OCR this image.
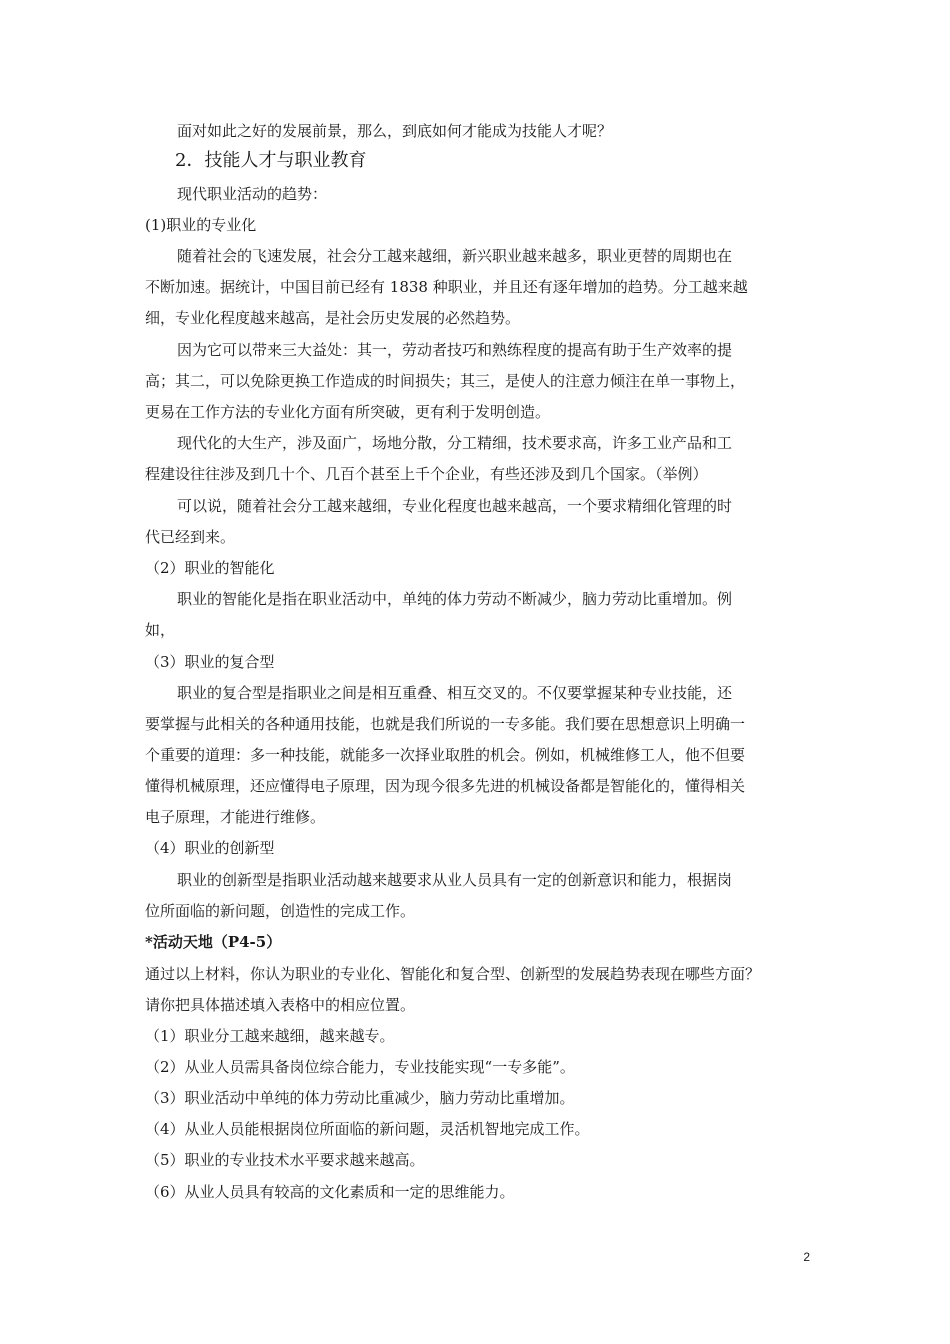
面对如此之好的发展前景，那么，到底如何才能成为技能人才呢？
2．技能人才与职业教育
现代职业活动的趋势：
(1)职业的专业化
随着社会的飞速发展，社会分工越来越细，新兴职业越来越多，职业更替的周期也在
不断加速。据统计，中国目前已经有 1838 种职业，并且还有逐年增加的趋势。分工越来越
细，专业化程度越来越高，是社会历史发展的必然趋势。
因为它可以带来三大益处：其一，劳动者技巧和熟练程度的提高有助于生产效率的提
高；其二，可以免除更换工作造成的时间损失；其三，是使人的注意力倾注在单一事物上，
更易在工作方法的专业化方面有所突破，更有利于发明创造。
现代化的大生产，涉及面广，场地分散，分工精细，技术要求高，许多工业产品和工
程建设往往涉及到几十个、几百个甚至上千个企业，有些还涉及到几个国家。（举例）
可以说，随着社会分工越来越细，专业化程度也越来越高，一个要求精细化管理的时
代已经到来。
（2）职业的智能化
职业的智能化是指在职业活动中，单纯的体力劳动不断减少，脑力劳动比重增加。例
如，
（3）职业的复合型
职业的复合型是指职业之间是相互重叠、相互交叉的。不仅要掌握某种专业技能，还
要掌握与此相关的各种通用技能，也就是我们所说的一专多能。我们要在思想意识上明确一
个重要的道理：多一种技能，就能多一次择业取胜的机会。例如，机械维修工人，他不但要
懂得机械原理，还应懂得电子原理，因为现今很多先进的机械设备都是智能化的，懂得相关
电子原理，才能进行维修。
（4）职业的创新型
职业的创新型是指职业活动越来越要求从业人员具有一定的创新意识和能力，根据岗
位所面临的新问题，创造性的完成工作。
*活动天地（P4-5）
通过以上材料，你认为职业的专业化、智能化和复合型、创新型的发展趋势表现在哪些方面？
请你把具体描述填入表格中的相应位置。
（1）职业分工越来越细，越来越专。
（2）从业人员需具备岗位综合能力，专业技能实现“一专多能”。
（3）职业活动中单纯的体力劳动比重减少，脑力劳动比重增加。
（4）从业人员能根据岗位所面临的新问题，灵活机智地完成工作。
（5）职业的专业技术水平要求越来越高。
（6）从业人员具有较高的文化素质和一定的思维能力。
2
